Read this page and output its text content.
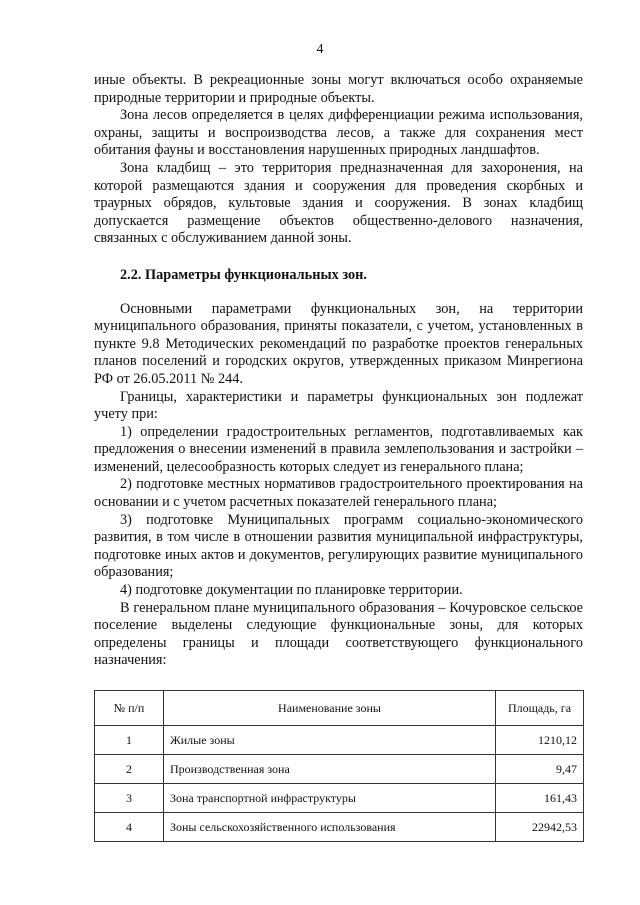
4

иные объекты. В рекреационные зоны могут включаться особо охраняемые природные территории и природные объекты.

Зона лесов определяется в целях дифференциации режима использования, охраны, защиты и воспроизводства лесов, а также для сохранения мест обитания фауны и восстановления нарушенных природных ландшафтов.

Зона кладбищ – это территория предназначенная для захоронения, на которой размещаются здания и сооружения для проведения скорбных и траурных обрядов, культовые здания и сооружения. В зонах кладбищ допускается размещение объектов общественно-делового назначения, связанных с обслуживанием данной зоны.

2.2. Параметры функциональных зон.

Основными параметрами функциональных зон, на территории муниципального образования, приняты показатели, с учетом, установленных в пункте 9.8 Методических рекомендаций по разработке проектов генеральных планов поселений и городских округов, утвержденных приказом Минрегиона РФ от 26.05.2011 № 244.

Границы, характеристики и параметры функциональных зон подлежат учету при:

1) определении градостроительных регламентов, подготавливаемых как предложения о внесении изменений в правила землепользования и застройки – изменений, целесообразность которых следует из генерального плана;

2) подготовке местных нормативов градостроительного проектирования на основании и с учетом расчетных показателей генерального плана;

3) подготовке Муниципальных программ социально-экономического развития, в том числе в отношении развития муниципальной инфраструктуры, подготовке иных актов и документов, регулирующих развитие муниципального образования;

4) подготовке документации по планировке территории.

В генеральном плане муниципального образования – Кочуровское сельское поселение выделены следующие функциональные зоны, для которых определены границы и площади соответствующего функционального назначения:

№ п/п	Наименование зоны	Площадь, га
1	Жилые зоны	1210,12
2	Производственная зона	9,47
3	Зона транспортной инфраструктуры	161,43
4	Зоны сельскохозяйственного использования	22942,53
